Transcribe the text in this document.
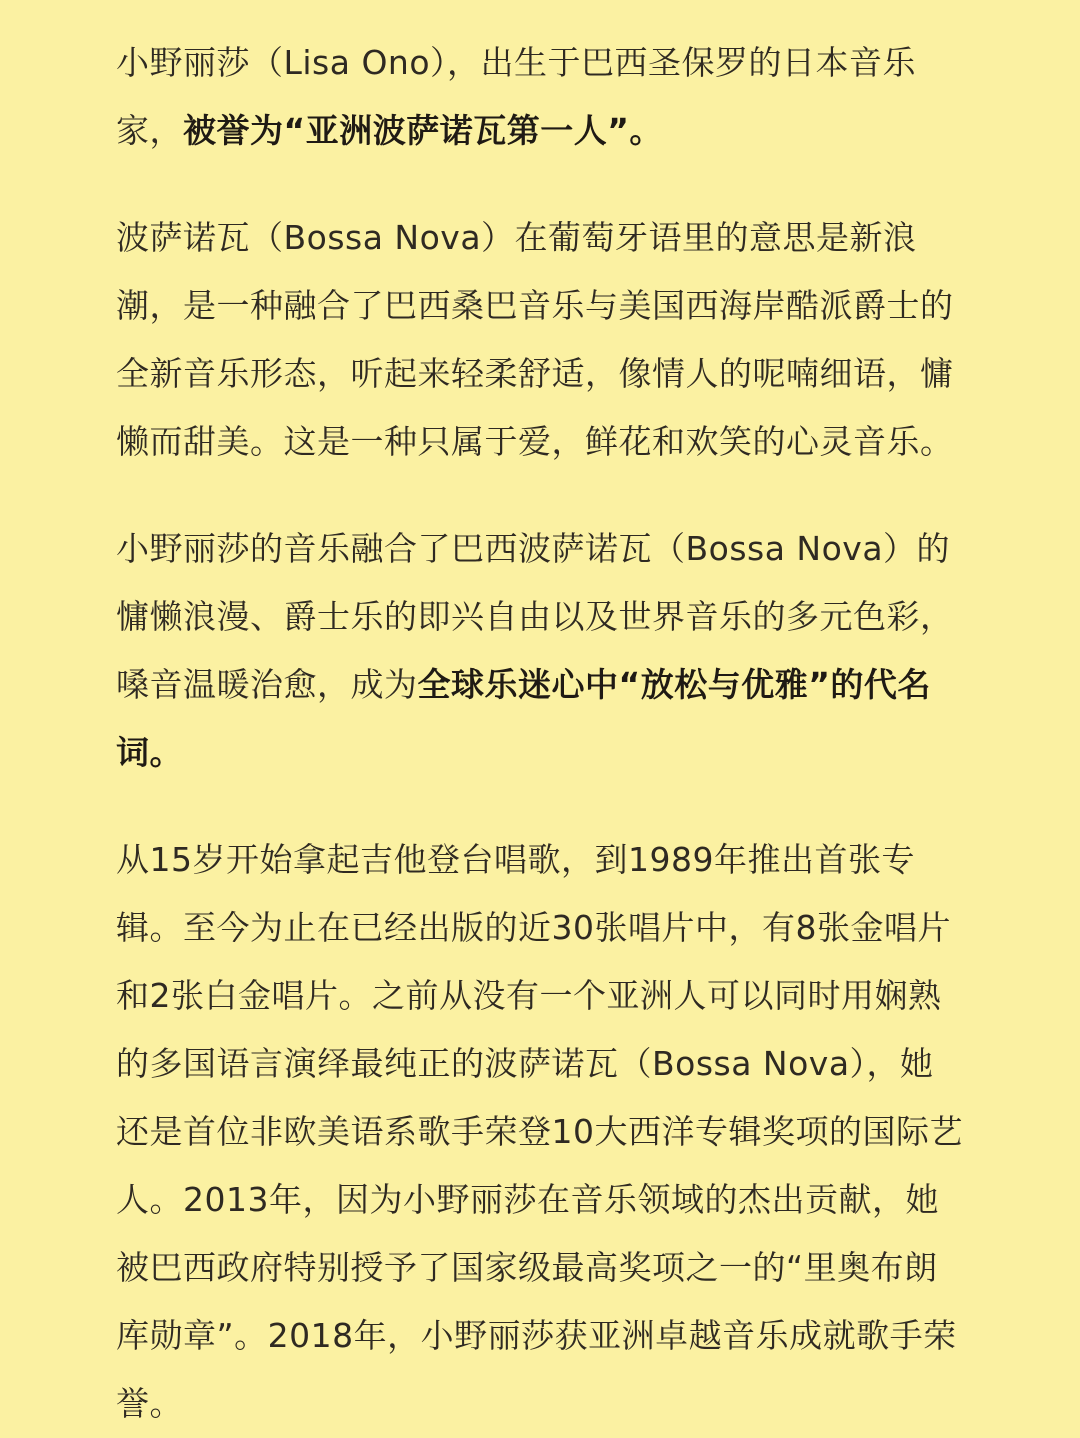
小野丽莎（Lisa Ono），出生于巴西圣保罗的日本音乐家，被誉为“亚洲波萨诺瓦第一人”。

波萨诺瓦（Bossa Nova）在葡萄牙语里的意思是新浪潮，是一种融合了巴西桑巴音乐与美国西海岸酷派爵士的全新音乐形态，听起来轻柔舒适，像情人的呢喃细语，慵懒而甜美。这是一种只属于爱，鲜花和欢笑的心灵音乐。

小野丽莎的音乐融合了巴西波萨诺瓦（Bossa Nova）的慵懒浪漫、爵士乐的即兴自由以及世界音乐的多元色彩，嗓音温暖治愈，成为全球乐迷心中“放松与优雅”的代名词。

从15岁开始拿起吉他登台唱歌，到1989年推出首张专辑。至今为止在已经出版的近30张唱片中，有8张金唱片和2张白金唱片。之前从没有一个亚洲人可以同时用娴熟的多国语言演绎最纯正的波萨诺瓦（Bossa Nova），她还是首位非欧美语系歌手荣登10大西洋专辑奖项的国际艺人。2013年，因为小野丽莎在音乐领域的杰出贡献，她被巴西政府特别授予了国家级最高奖项之一的“里奥布朗库勋章”。2018年，小野丽莎获亚洲卓越音乐成就歌手荣誉。
